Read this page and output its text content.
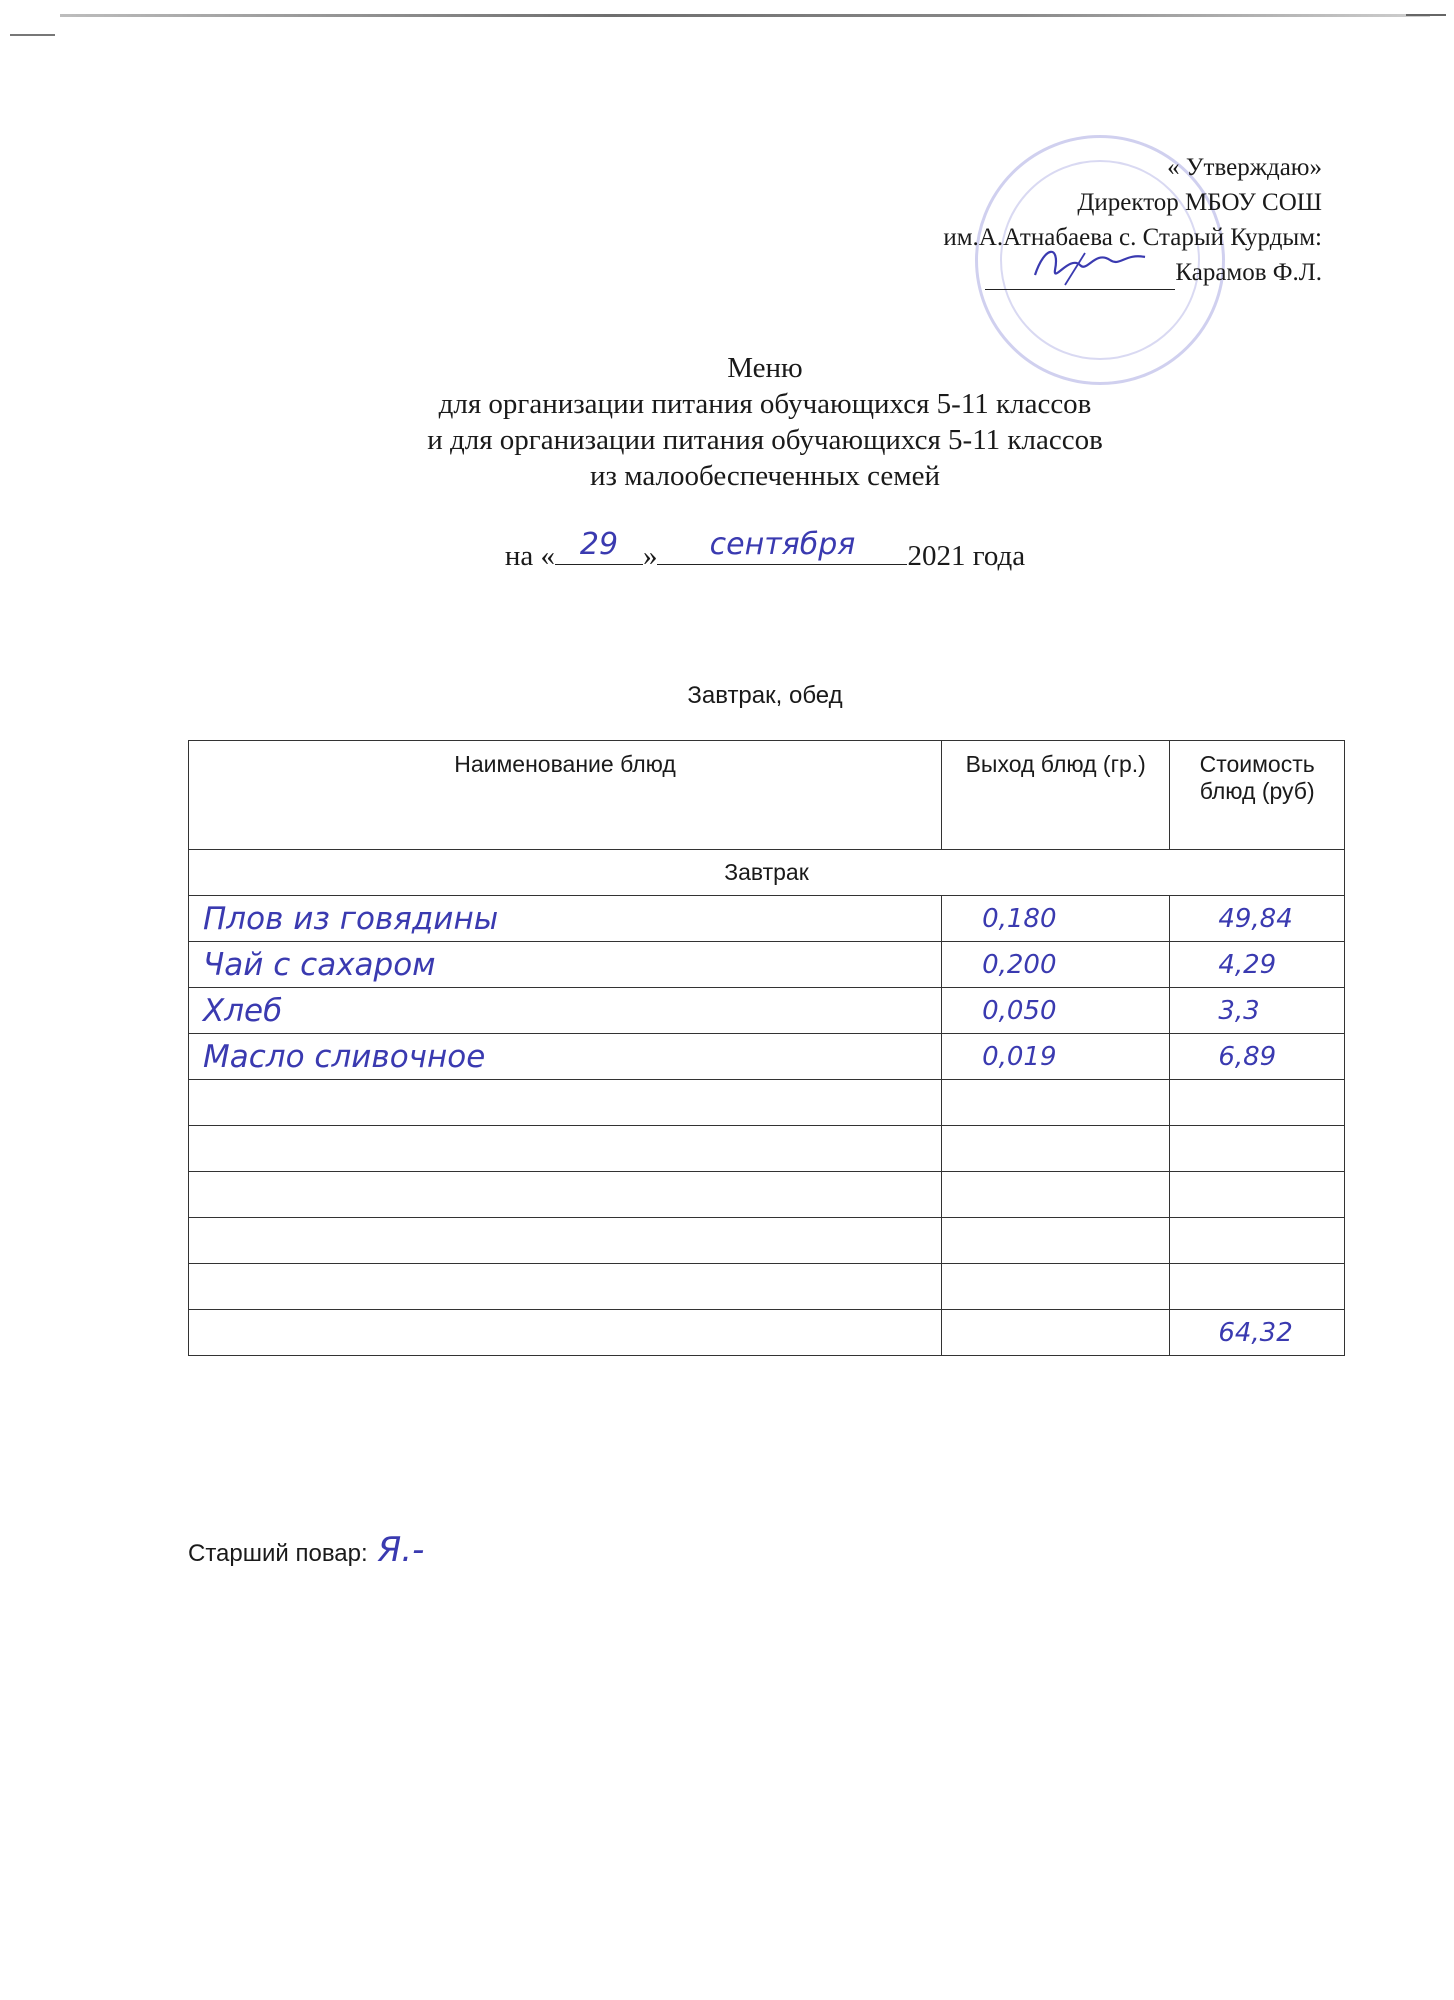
« Утверждаю»
Директор МБОУ СОШ
им.А.Атнабаева с. Старый Курдым:
Карамов Ф.Л.
Меню
для организации питания обучающихся 5-11 классов
и для организации питания обучающихся 5-11 классов
из малообеспеченных семей
на « 29 »	сентября	2021 года
Завтрак, обед
Наименование блюд	Выход блюд (гр.)	Стоимость блюд (руб)
Завтрак		

Плов из говядины	0,180	49,84

Чай с сахаром	0,200	4,29

Хлеб	0,050	3,3

Масло сливочное	0,019	6,89

		64,32
Старший повар: Я.-
